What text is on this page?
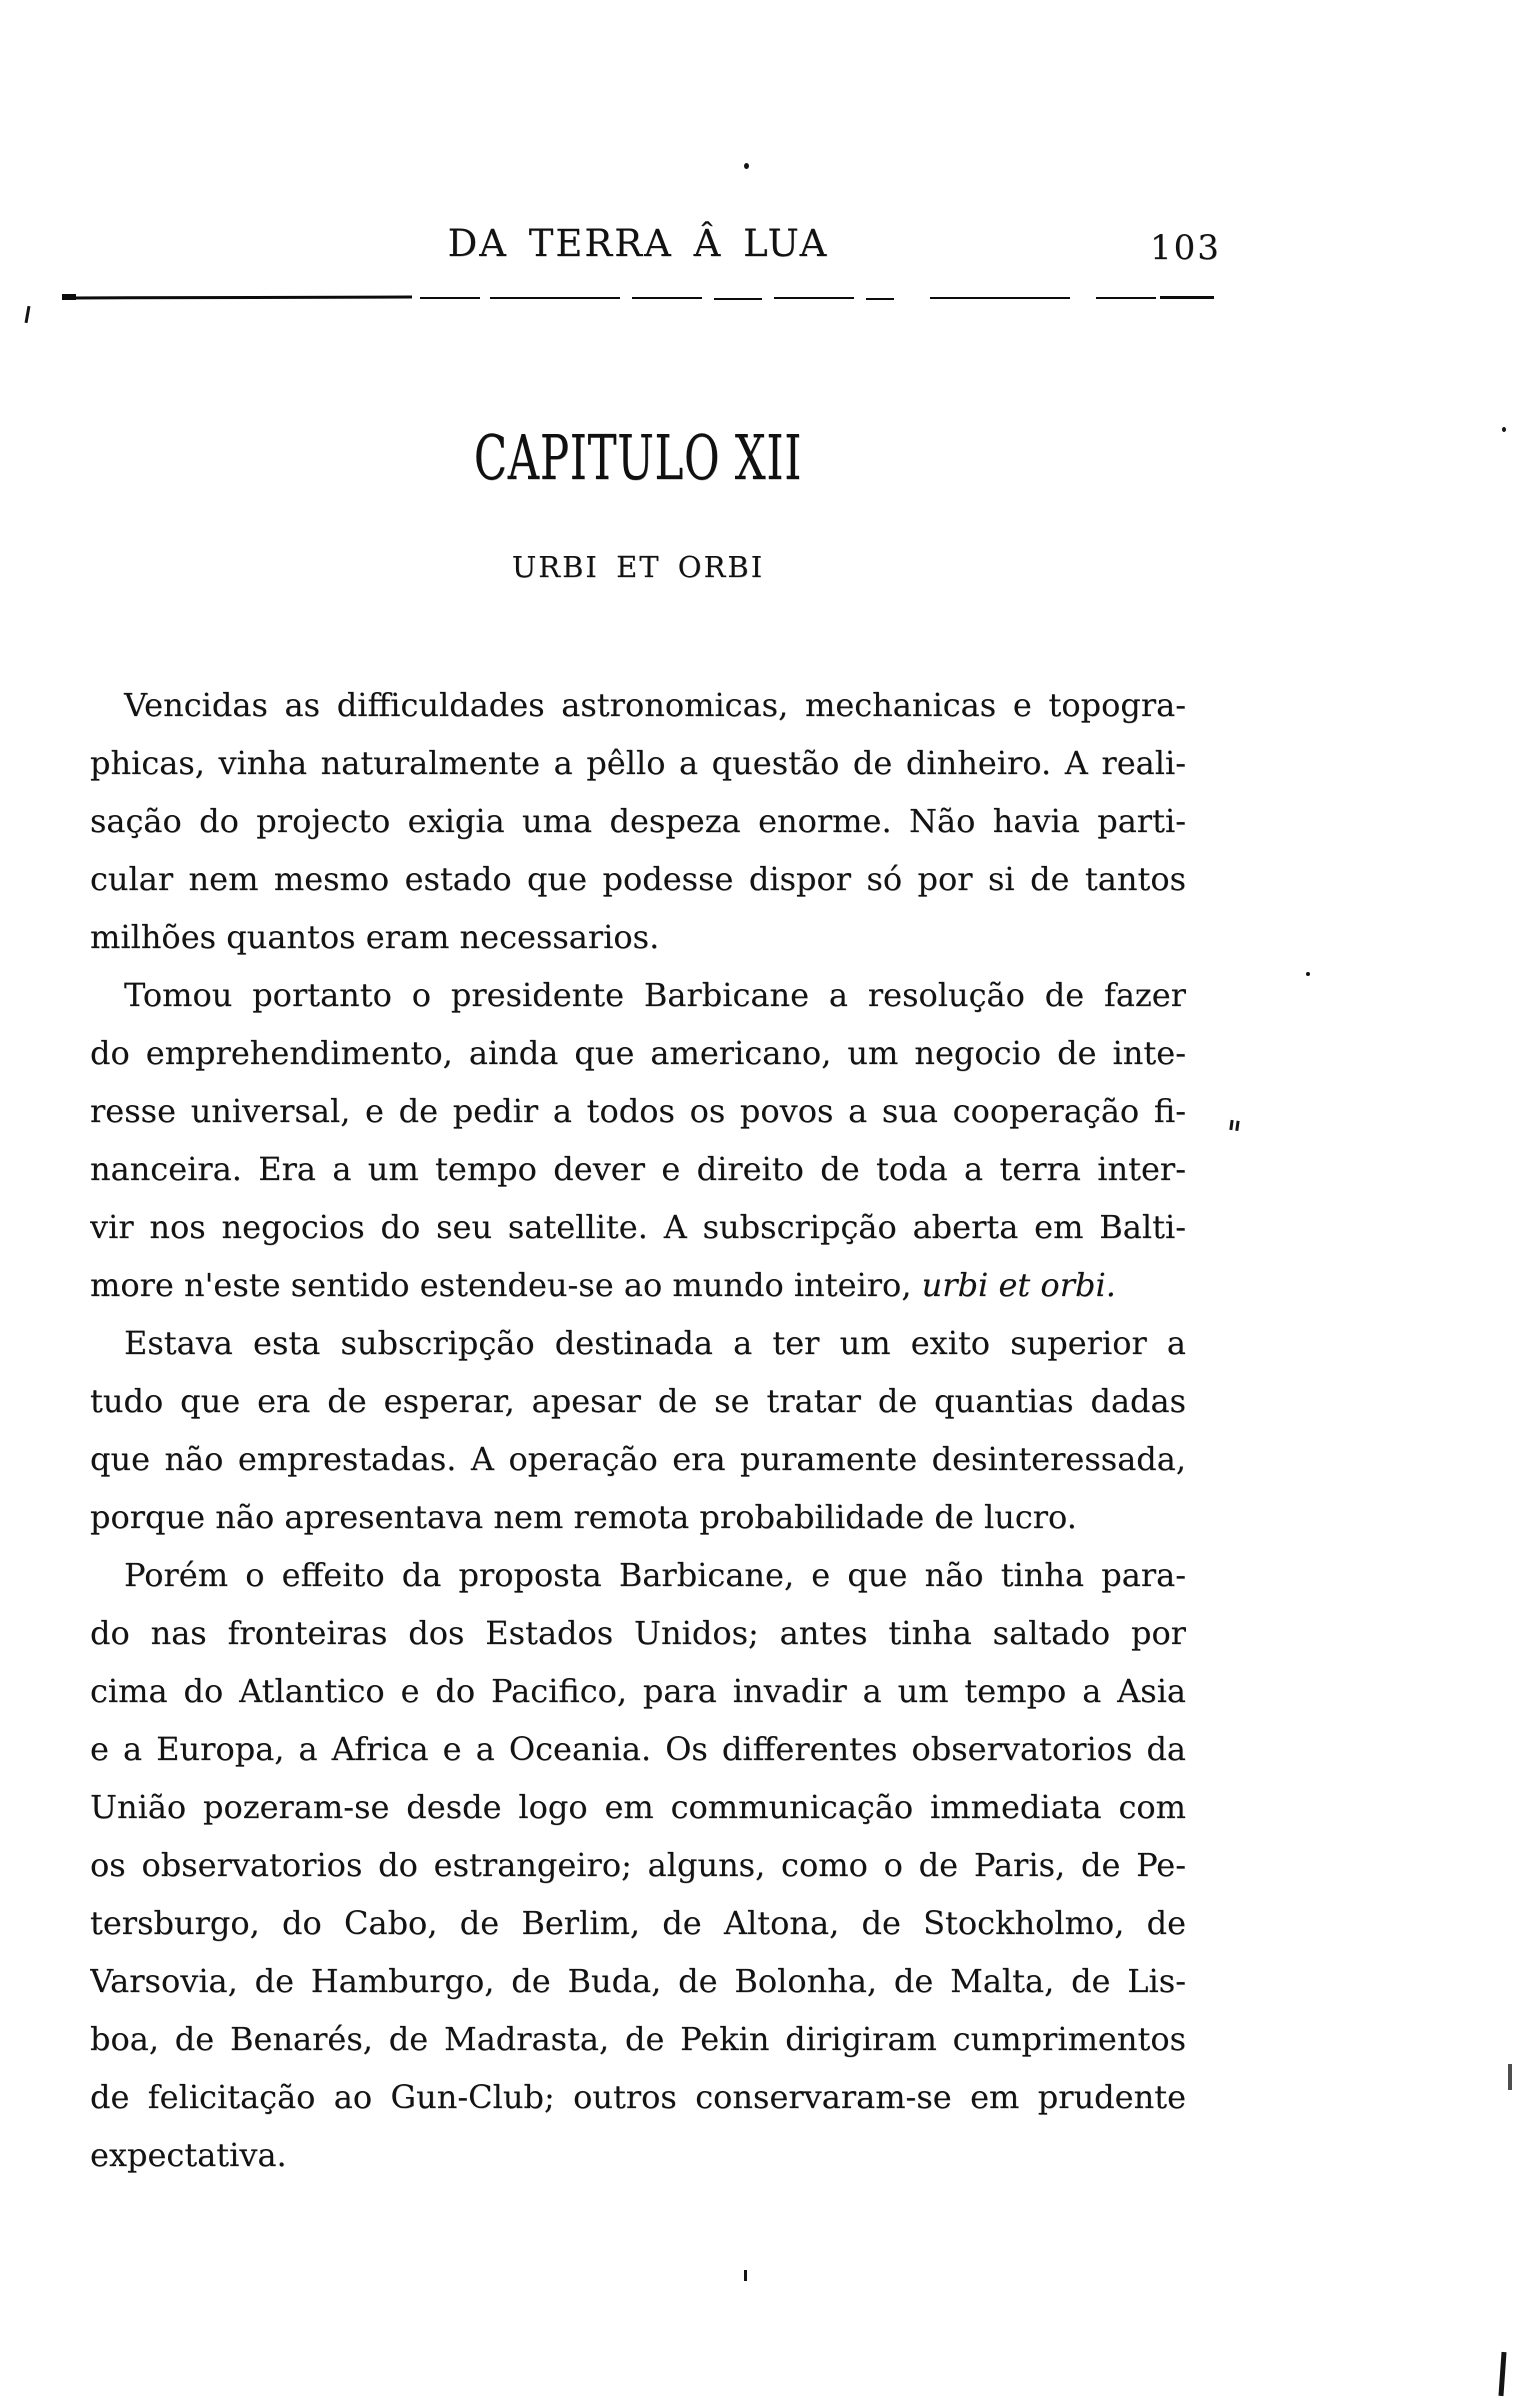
DA TERRA Â LUA	103
CAPITULO XII
URBI ET ORBI
Vencidas as difficuldades astronomicas, mechanicas e topogra-
phicas, vinha naturalmente a pêllo a questão de dinheiro. A reali-
sação do projecto exigia uma despeza enorme. Não havia parti-
cular nem mesmo estado que podesse dispor só por si de tantos
milhões quantos eram necessarios.
Tomou portanto o presidente Barbicane a resolução de fazer
do emprehendimento, ainda que americano, um negocio de inte-
resse universal, e de pedir a todos os povos a sua cooperação fi-
nanceira. Era a um tempo dever e direito de toda a terra inter-
vir nos negocios do seu satellite. A subscripção aberta em Balti-
more n'este sentido estendeu-se ao mundo inteiro, urbi et orbi.
Estava esta subscripção destinada a ter um exito superior a
tudo que era de esperar, apesar de se tratar de quantias dadas
que não emprestadas. A operação era puramente desinteressada,
porque não apresentava nem remota probabilidade de lucro.
Porém o effeito da proposta Barbicane, e que não tinha para-
do nas fronteiras dos Estados Unidos; antes tinha saltado por
cima do Atlantico e do Pacifico, para invadir a um tempo a Asia
e a Europa, a Africa e a Oceania. Os differentes observatorios da
União pozeram-se desde logo em communicação immediata com
os observatorios do estrangeiro; alguns, como o de Paris, de Pe-
tersburgo, do Cabo, de Berlim, de Altona, de Stockholmo, de
Varsovia, de Hamburgo, de Buda, de Bolonha, de Malta, de Lis-
boa, de Benarés, de Madrasta, de Pekin dirigiram cumprimentos
de felicitação ao Gun-Club; outros conservaram-se em prudente
expectativa.
